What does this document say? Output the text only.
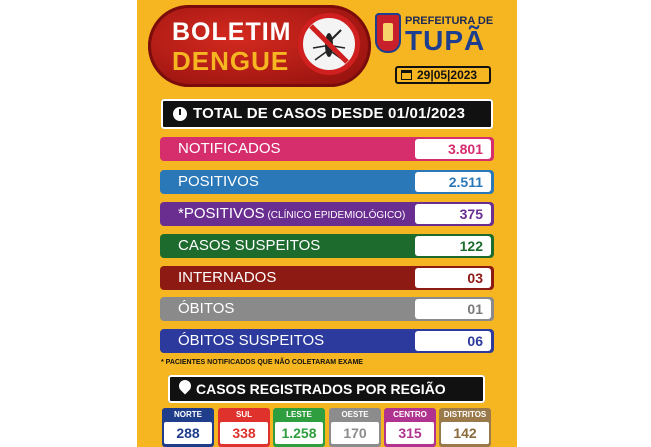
BOLETIM
DENGUE
PREFEITURA DE
TUPÃ
29|05|2023
TOTAL DE CASOS DESDE 01/01/2023
NOTIFICADOS	3.801
POSITIVOS	2.511
*POSITIVOS (CLÍNICO EPIDEMIOLÓGICO)	375
CASOS SUSPEITOS	122
INTERNADOS	03
ÓBITOS	01
ÓBITOS SUSPEITOS	06
* PACIENTES NOTIFICADOS QUE NÃO COLETARAM EXAME
CASOS REGISTRADOS POR REGIÃO
NORTE
288
SUL
338
LESTE
1.258
OESTE
170
CENTRO
315
DISTRITOS
142
